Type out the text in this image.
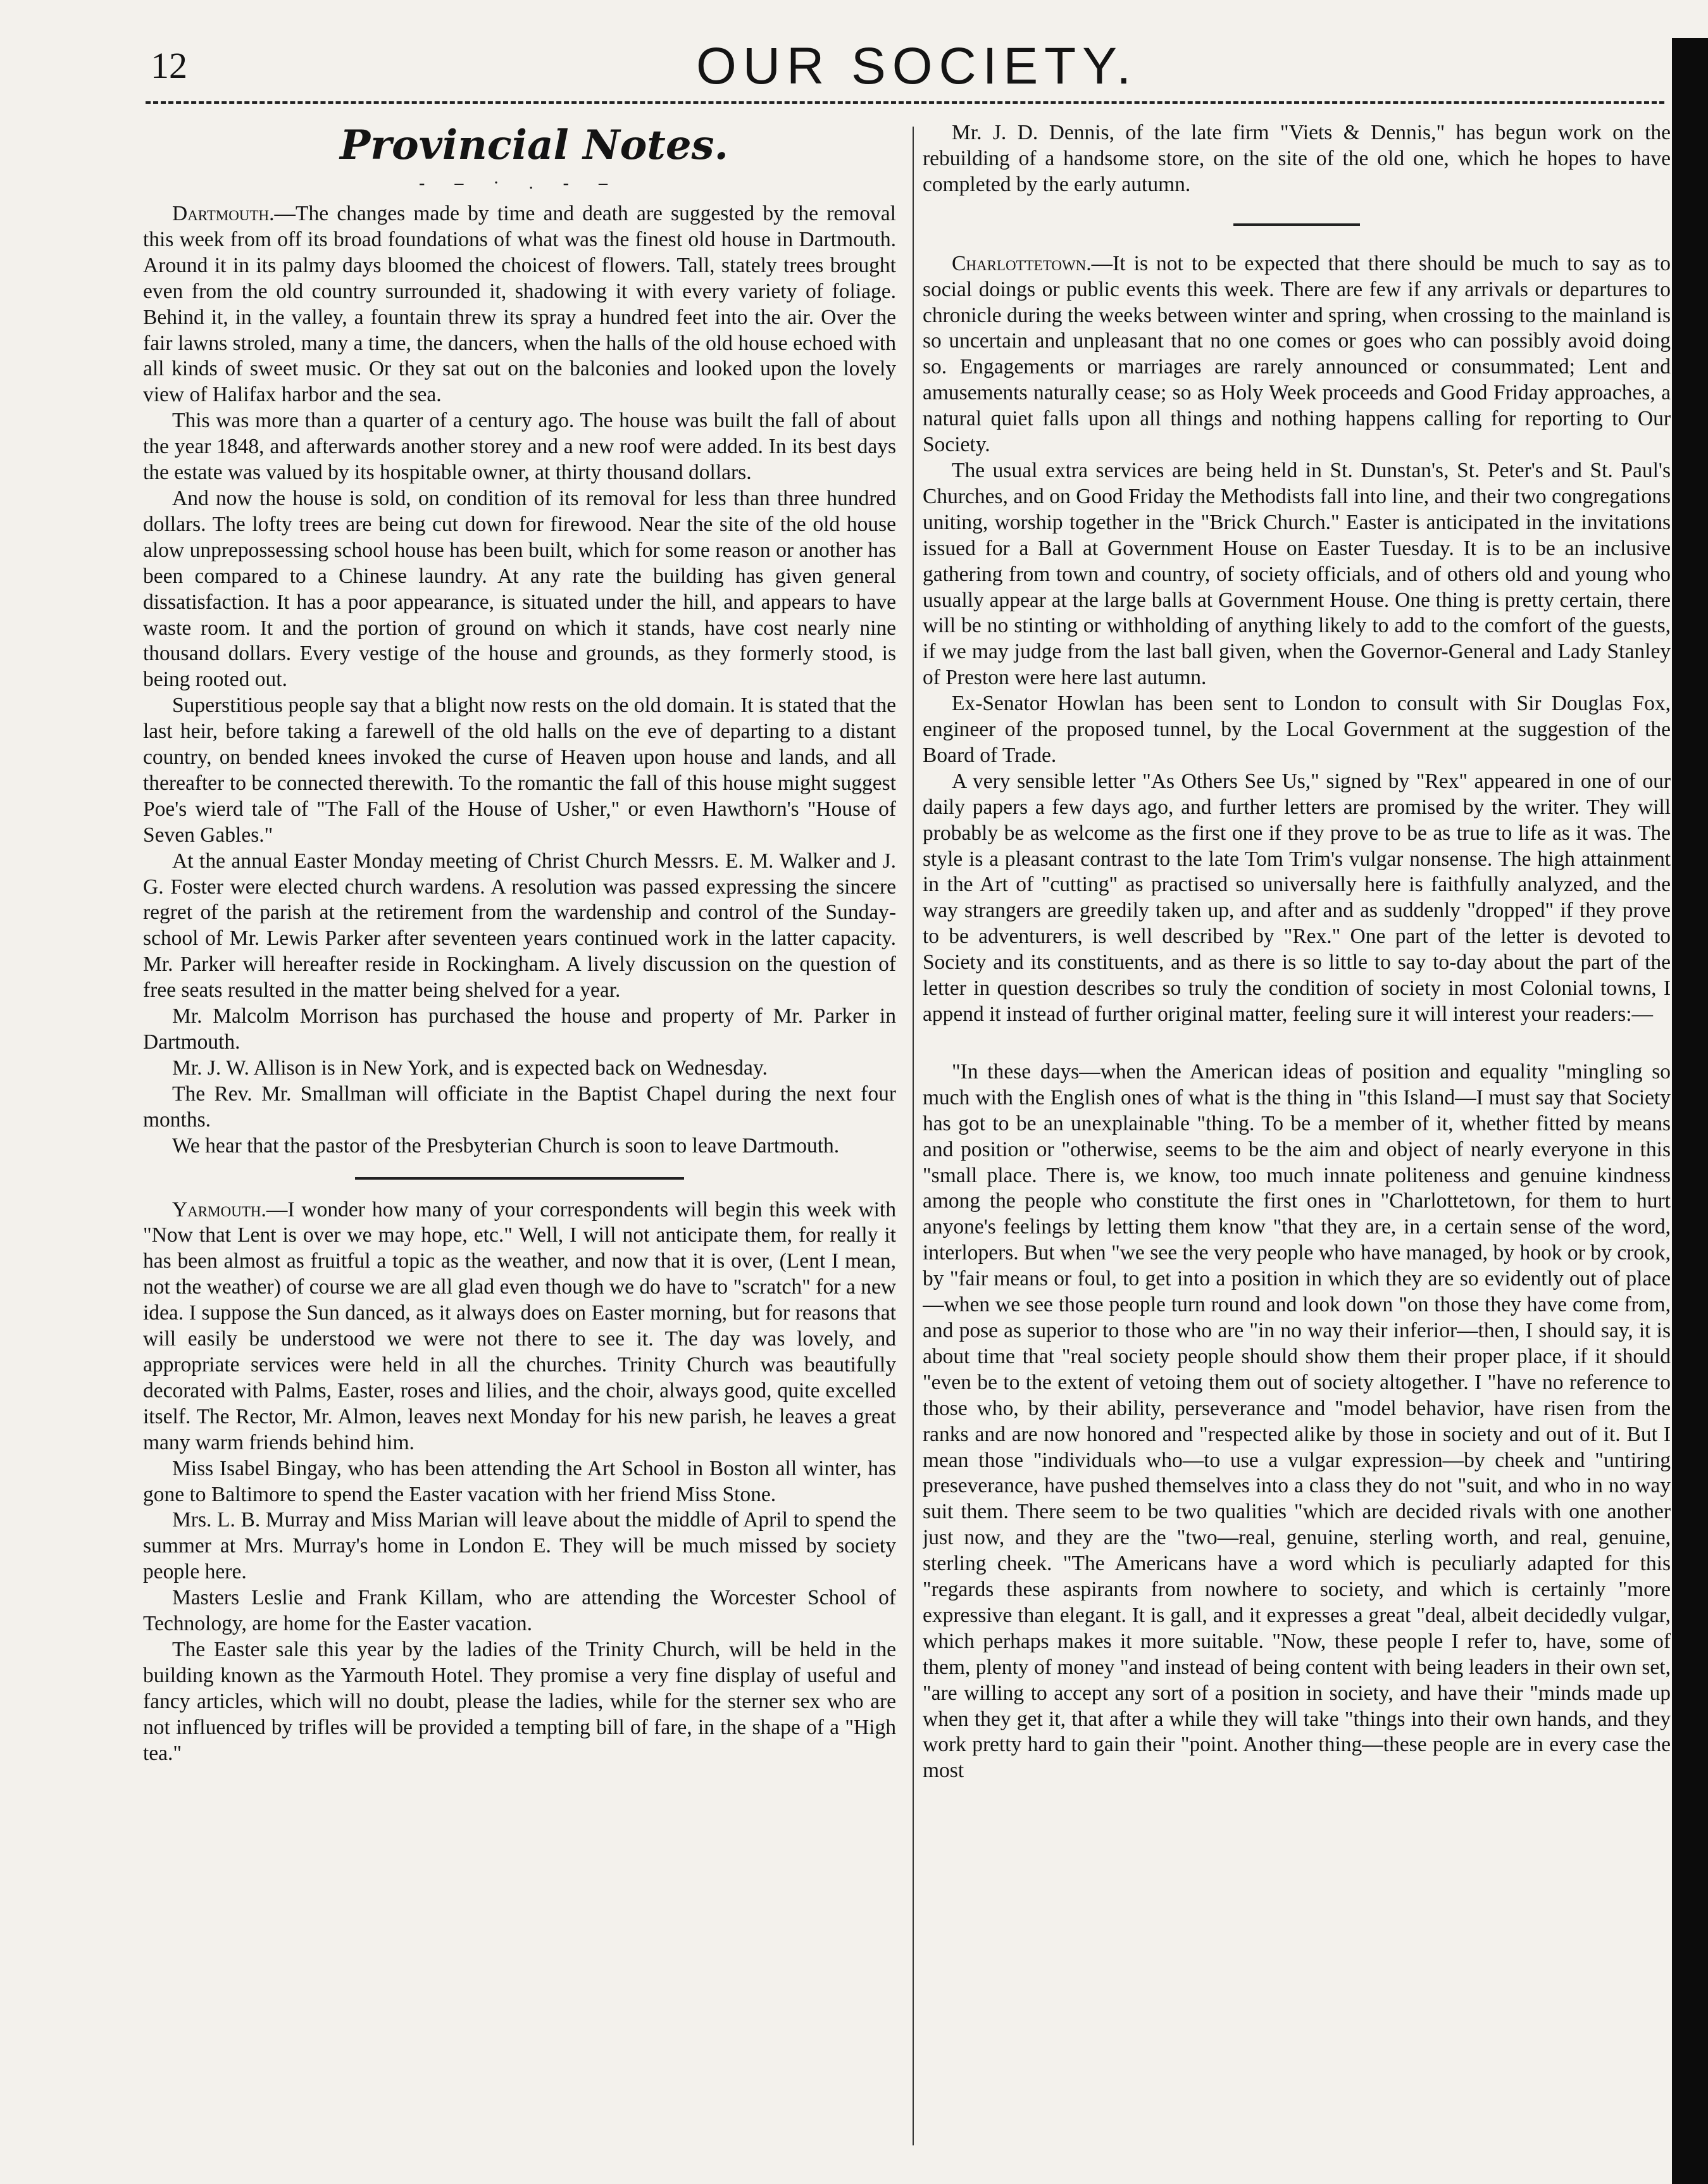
12	OUR SOCIETY.

Provincial Notes.

- – · . - –

Dartmouth.—The changes made by time and death are suggested by the removal this week from off its broad foundations of what was the finest old house in Dartmouth. Around it in its palmy days bloomed the choicest of flowers. Tall, stately trees brought even from the old country surrounded it, shadowing it with every variety of foliage. Behind it, in the valley, a fountain threw its spray a hundred feet into the air. Over the fair lawns stroled, many a time, the dancers, when the halls of the old house echoed with all kinds of sweet music. Or they sat out on the balconies and looked upon the lovely view of Halifax harbor and the sea.

This was more than a quarter of a century ago. The house was built the fall of about the year 1848, and afterwards another storey and a new roof were added. In its best days the estate was valued by its hospitable owner, at thirty thousand dollars.

And now the house is sold, on condition of its removal for less than three hundred dollars. The lofty trees are being cut down for firewood. Near the site of the old house alow unprepossessing school house has been built, which for some reason or another has been compared to a Chinese laundry. At any rate the building has given general dissatisfaction. It has a poor appearance, is situated under the hill, and appears to have waste room. It and the portion of ground on which it stands, have cost nearly nine thousand dollars. Every vestige of the house and grounds, as they formerly stood, is being rooted out.

Superstitious people say that a blight now rests on the old domain. It is stated that the last heir, before taking a farewell of the old halls on the eve of departing to a distant country, on bended knees invoked the curse of Heaven upon house and lands, and all thereafter to be connected therewith. To the romantic the fall of this house might suggest Poe's wierd tale of "The Fall of the House of Usher," or even Hawthorn's "House of Seven Gables."

At the annual Easter Monday meeting of Christ Church Messrs. E. M. Walker and J. G. Foster were elected church wardens. A resolution was passed expressing the sincere regret of the parish at the retirement from the wardenship and control of the Sunday-school of Mr. Lewis Parker after seventeen years continued work in the latter capacity. Mr. Parker will hereafter reside in Rockingham. A lively discussion on the question of free seats resulted in the matter being shelved for a year.

Mr. Malcolm Morrison has purchased the house and property of Mr. Parker in Dartmouth.

Mr. J. W. Allison is in New York, and is expected back on Wednesday.

The Rev. Mr. Smallman will officiate in the Baptist Chapel during the next four months.

We hear that the pastor of the Presbyterian Church is soon to leave Dartmouth.

Yarmouth.—I wonder how many of your correspondents will begin this week with "Now that Lent is over we may hope, etc." Well, I will not anticipate them, for really it has been almost as fruitful a topic as the weather, and now that it is over, (Lent I mean, not the weather) of course we are all glad even though we do have to "scratch" for a new idea. I suppose the Sun danced, as it always does on Easter morning, but for reasons that will easily be understood we were not there to see it. The day was lovely, and appropriate services were held in all the churches. Trinity Church was beautifully decorated with Palms, Easter, roses and lilies, and the choir, always good, quite excelled itself. The Rector, Mr. Almon, leaves next Monday for his new parish, he leaves a great many warm friends behind him.

Miss Isabel Bingay, who has been attending the Art School in Boston all winter, has gone to Baltimore to spend the Easter vacation with her friend Miss Stone.

Mrs. L. B. Murray and Miss Marian will leave about the middle of April to spend the summer at Mrs. Murray's home in London E. They will be much missed by society people here.

Masters Leslie and Frank Killam, who are attending the Worcester School of Technology, are home for the Easter vacation.

The Easter sale this year by the ladies of the Trinity Church, will be held in the building known as the Yarmouth Hotel. They promise a very fine display of useful and fancy articles, which will no doubt, please the ladies, while for the sterner sex who are not influenced by trifles will be provided a tempting bill of fare, in the shape of a "High tea."

Mr. J. D. Dennis, of the late firm "Viets & Dennis," has begun work on the rebuilding of a handsome store, on the site of the old one, which he hopes to have completed by the early autumn.

Charlottetown.—It is not to be expected that there should be much to say as to social doings or public events this week. There are few if any arrivals or departures to chronicle during the weeks between winter and spring, when crossing to the mainland is so uncertain and unpleasant that no one comes or goes who can possibly avoid doing so. Engagements or marriages are rarely announced or consummated; Lent and amusements naturally cease; so as Holy Week proceeds and Good Friday approaches, a natural quiet falls upon all things and nothing happens calling for reporting to Our Society.

The usual extra services are being held in St. Dunstan's, St. Peter's and St. Paul's Churches, and on Good Friday the Methodists fall into line, and their two congregations uniting, worship together in the "Brick Church." Easter is anticipated in the invitations issued for a Ball at Government House on Easter Tuesday. It is to be an inclusive gathering from town and country, of society officials, and of others old and young who usually appear at the large balls at Government House. One thing is pretty certain, there will be no stinting or withholding of anything likely to add to the comfort of the guests, if we may judge from the last ball given, when the Governor-General and Lady Stanley of Preston were here last autumn.

Ex-Senator Howlan has been sent to London to consult with Sir Douglas Fox, engineer of the proposed tunnel, by the Local Government at the suggestion of the Board of Trade.

A very sensible letter "As Others See Us," signed by "Rex" appeared in one of our daily papers a few days ago, and further letters are promised by the writer. They will probably be as welcome as the first one if they prove to be as true to life as it was. The style is a pleasant contrast to the late Tom Trim's vulgar nonsense. The high attainment in the Art of "cutting" as practised so universally here is faithfully analyzed, and the way strangers are greedily taken up, and after and as suddenly "dropped" if they prove to be adventurers, is well described by "Rex." One part of the letter is devoted to Society and its constituents, and as there is so little to say to-day about the part of the letter in question describes so truly the condition of society in most Colonial towns, I append it instead of further original matter, feeling sure it will interest your readers:—

"In these days—when the American ideas of position and equality "mingling so much with the English ones of what is the thing in "this Island—I must say that Society has got to be an unexplainable "thing. To be a member of it, whether fitted by means and position or "otherwise, seems to be the aim and object of nearly everyone in this "small place. There is, we know, too much innate politeness and genuine kindness among the people who constitute the first ones in "Charlottetown, for them to hurt anyone's feelings by letting them know "that they are, in a certain sense of the word, interlopers. But when "we see the very people who have managed, by hook or by crook, by "fair means or foul, to get into a position in which they are so evidently out of place—when we see those people turn round and look down "on those they have come from, and pose as superior to those who are "in no way their inferior—then, I should say, it is about time that "real society people should show them their proper place, if it should "even be to the extent of vetoing them out of society altogether. I "have no reference to those who, by their ability, perseverance and "model behavior, have risen from the ranks and are now honored and "respected alike by those in society and out of it. But I mean those "individuals who—to use a vulgar expression—by cheek and "untiring preseverance, have pushed themselves into a class they do not "suit, and who in no way suit them. There seem to be two qualities "which are decided rivals with one another just now, and they are the "two—real, genuine, sterling worth, and real, genuine, sterling cheek. "The Americans have a word which is peculiarly adapted for this "regards these aspirants from nowhere to society, and which is certainly "more expressive than elegant. It is gall, and it expresses a great "deal, albeit decidedly vulgar, which perhaps makes it more suitable. "Now, these people I refer to, have, some of them, plenty of money "and instead of being content with being leaders in their own set, "are willing to accept any sort of a position in society, and have their "minds made up when they get it, that after a while they will take "things into their own hands, and they work pretty hard to gain their "point. Another thing—these people are in every case the most
